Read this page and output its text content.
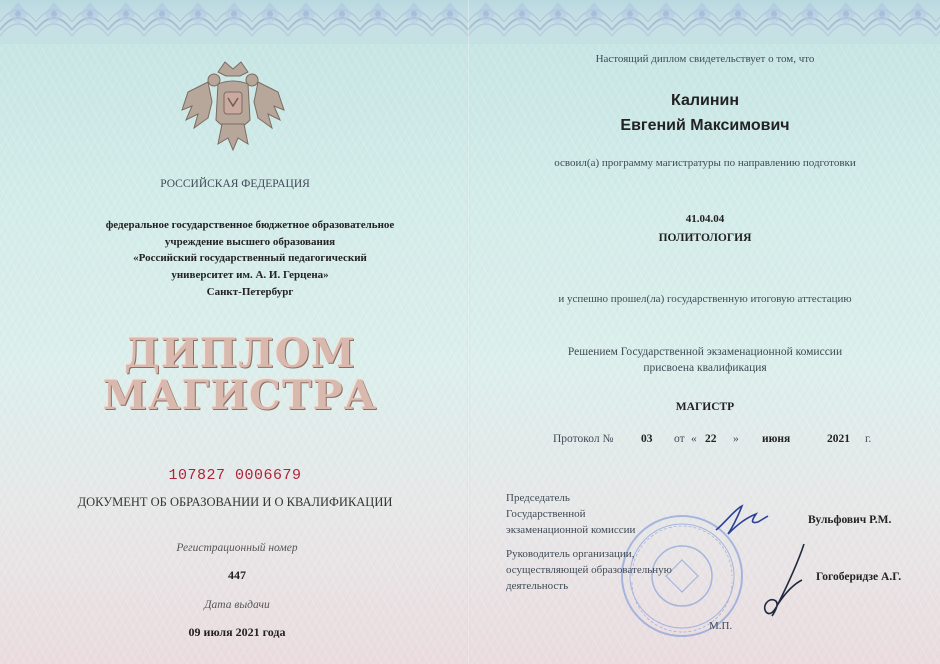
РОССИЙСКАЯ ФЕДЕРАЦИЯ

федеральное государственное бюджетное образовательное

учреждение высшего образования

«Российский государственный педагогический

университет им. А. И. Герцена»

Санкт-Петербург

ДИПЛОМ

МАГИСТРА

107827 0006679

ДОКУМЕНТ ОБ ОБРАЗОВАНИИ И О КВАЛИФИКАЦИИ

Регистрационный номер

447

Дата выдачи

09 июля 2021 года

Настоящий диплом свидетельствует о том, что

Калинин

Евгений Максимович

освоил(а) программу магистратуры по направлению подготовки

41.04.04

ПОЛИТОЛОГИЯ

и успешно прошел(ла) государственную итоговую аттестацию

Решением Государственной экзаменационной комиссии

присвоена квалификация

МАГИСТР

Протокол № 03 от « 22 » июня	2021 г.

Председатель

Государственной

экзаменационной комиссии

Вульфович Р.М.

Руководитель организации,

осуществляющей образовательную

деятельность

Гогоберидзе А.Г.

М.П.
